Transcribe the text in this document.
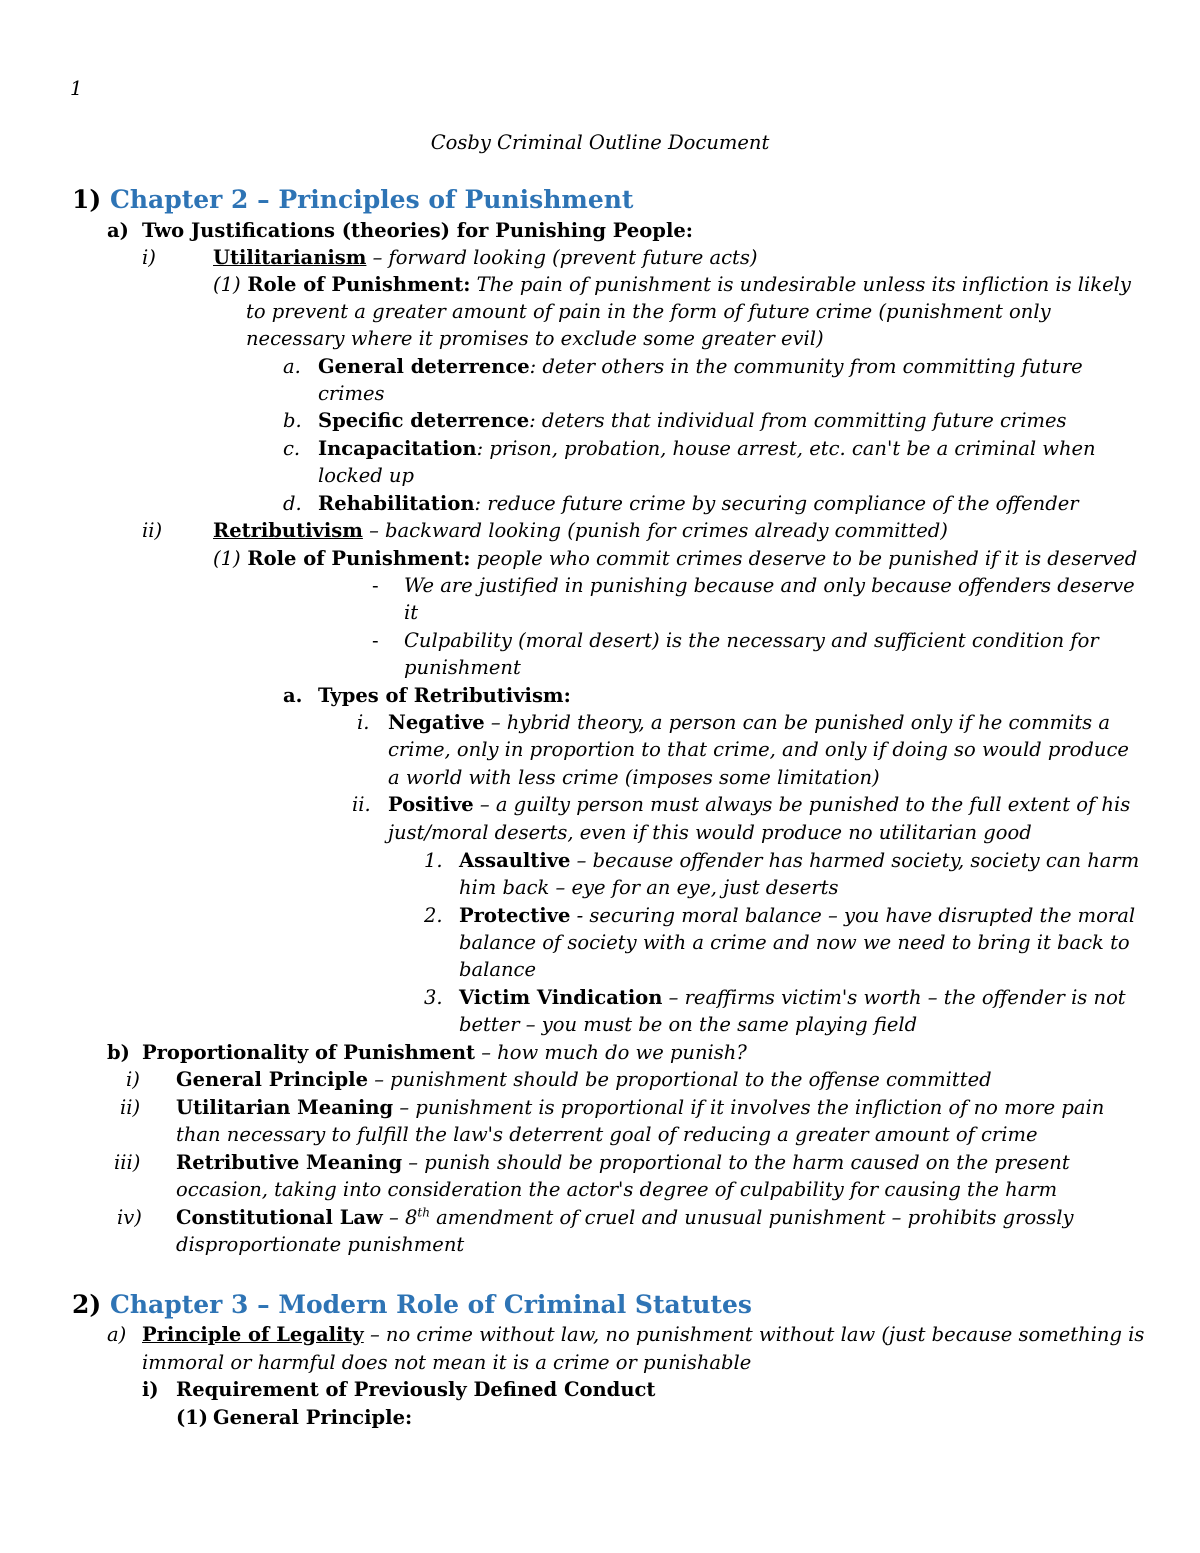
1
Cosby Criminal Outline Document
1) Chapter 2 – Principles of Punishment
a) Two Justifications (theories) for Punishing People:
i)	Utilitarianism – forward looking (prevent future acts)
(1) Role of Punishment: The pain of punishment is undesirable unless its infliction is likely
to prevent a greater amount of pain in the form of future crime (punishment only
necessary where it promises to exclude some greater evil)
a. General deterrence: deter others in the community from committing future
crimes
b. Specific deterrence: deters that individual from committing future crimes
c. Incapacitation: prison, probation, house arrest, etc. can't be a criminal when
locked up
d. Rehabilitation: reduce future crime by securing compliance of the offender
ii)	Retributivism – backward looking (punish for crimes already committed)
(1) Role of Punishment: people who commit crimes deserve to be punished if it is deserved
- We are justified in punishing because and only because offenders deserve
it
- Culpability (moral desert) is the necessary and sufficient condition for
punishment
a. Types of Retributivism:
i. Negative – hybrid theory, a person can be punished only if he commits a
crime, only in proportion to that crime, and only if doing so would produce
a world with less crime (imposes some limitation)
ii. Positive – a guilty person must always be punished to the full extent of his
just/moral deserts, even if this would produce no utilitarian good
1. Assaultive – because offender has harmed society, society can harm
him back – eye for an eye, just deserts
2. Protective - securing moral balance – you have disrupted the moral
balance of society with a crime and now we need to bring it back to
balance
3. Victim Vindication – reaffirms victim's worth – the offender is not
better – you must be on the same playing field
b) Proportionality of Punishment – how much do we punish?
i) General Principle – punishment should be proportional to the offense committed
ii) Utilitarian Meaning – punishment is proportional if it involves the infliction of no more pain
than necessary to fulfill the law's deterrent goal of reducing a greater amount of crime
iii) Retributive Meaning – punish should be proportional to the harm caused on the present
occasion, taking into consideration the actor's degree of culpability for causing the harm
iv) Constitutional Law – 8th amendment of cruel and unusual punishment – prohibits grossly
disproportionate punishment
2) Chapter 3 – Modern Role of Criminal Statutes
a) Principle of Legality – no crime without law, no punishment without law (just because something is
immoral or harmful does not mean it is a crime or punishable
i) Requirement of Previously Defined Conduct
(1) General Principle:
